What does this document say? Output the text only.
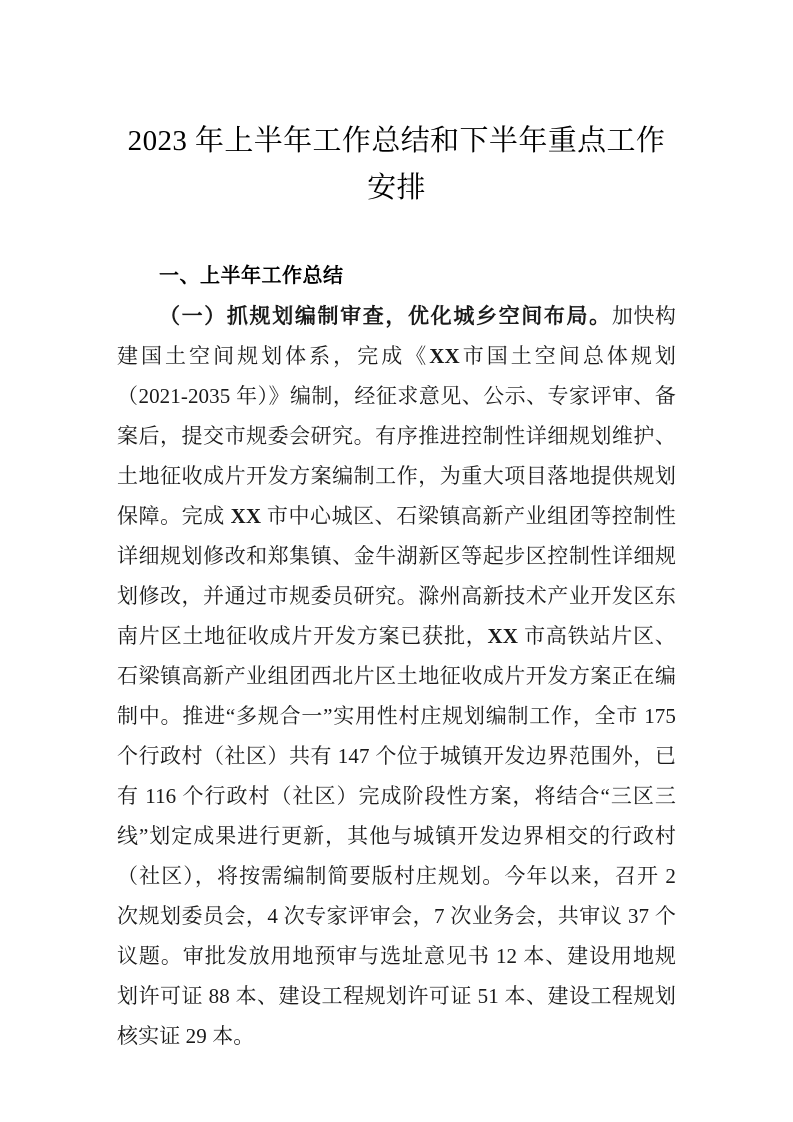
2023 年上半年工作总结和下半年重点工作安排
一、上半年工作总结

（一）抓规划编制审查，优化城乡空间布局。加快构建国土空间规划体系，完成《XX市国土空间总体规划（2021-2035 年）》编制，经征求意见、公示、专家评审、备案后，提交市规委会研究。有序推进控制性详细规划维护、土地征收成片开发方案编制工作，为重大项目落地提供规划保障。完成 XX 市中心城区、石梁镇高新产业组团等控制性详细规划修改和郑集镇、金牛湖新区等起步区控制性详细规划修改，并通过市规委员研究。滁州高新技术产业开发区东南片区土地征收成片开发方案已获批，XX 市高铁站片区、石梁镇高新产业组团西北片区土地征收成片开发方案正在编制中。推进“多规合一”实用性村庄规划编制工作，全市 175 个行政村（社区）共有 147 个位于城镇开发边界范围外，已有 116 个行政村（社区）完成阶段性方案，将结合“三区三线”划定成果进行更新，其他与城镇开发边界相交的行政村（社区），将按需编制简要版村庄规划。今年以来，召开 2 次规划委员会，4 次专家评审会，7 次业务会，共审议 37 个议题。审批发放用地预审与选址意见书 12 本、建设用地规划许可证 88 本、建设工程规划许可证 51 本、建设工程规划核实证 29 本。
